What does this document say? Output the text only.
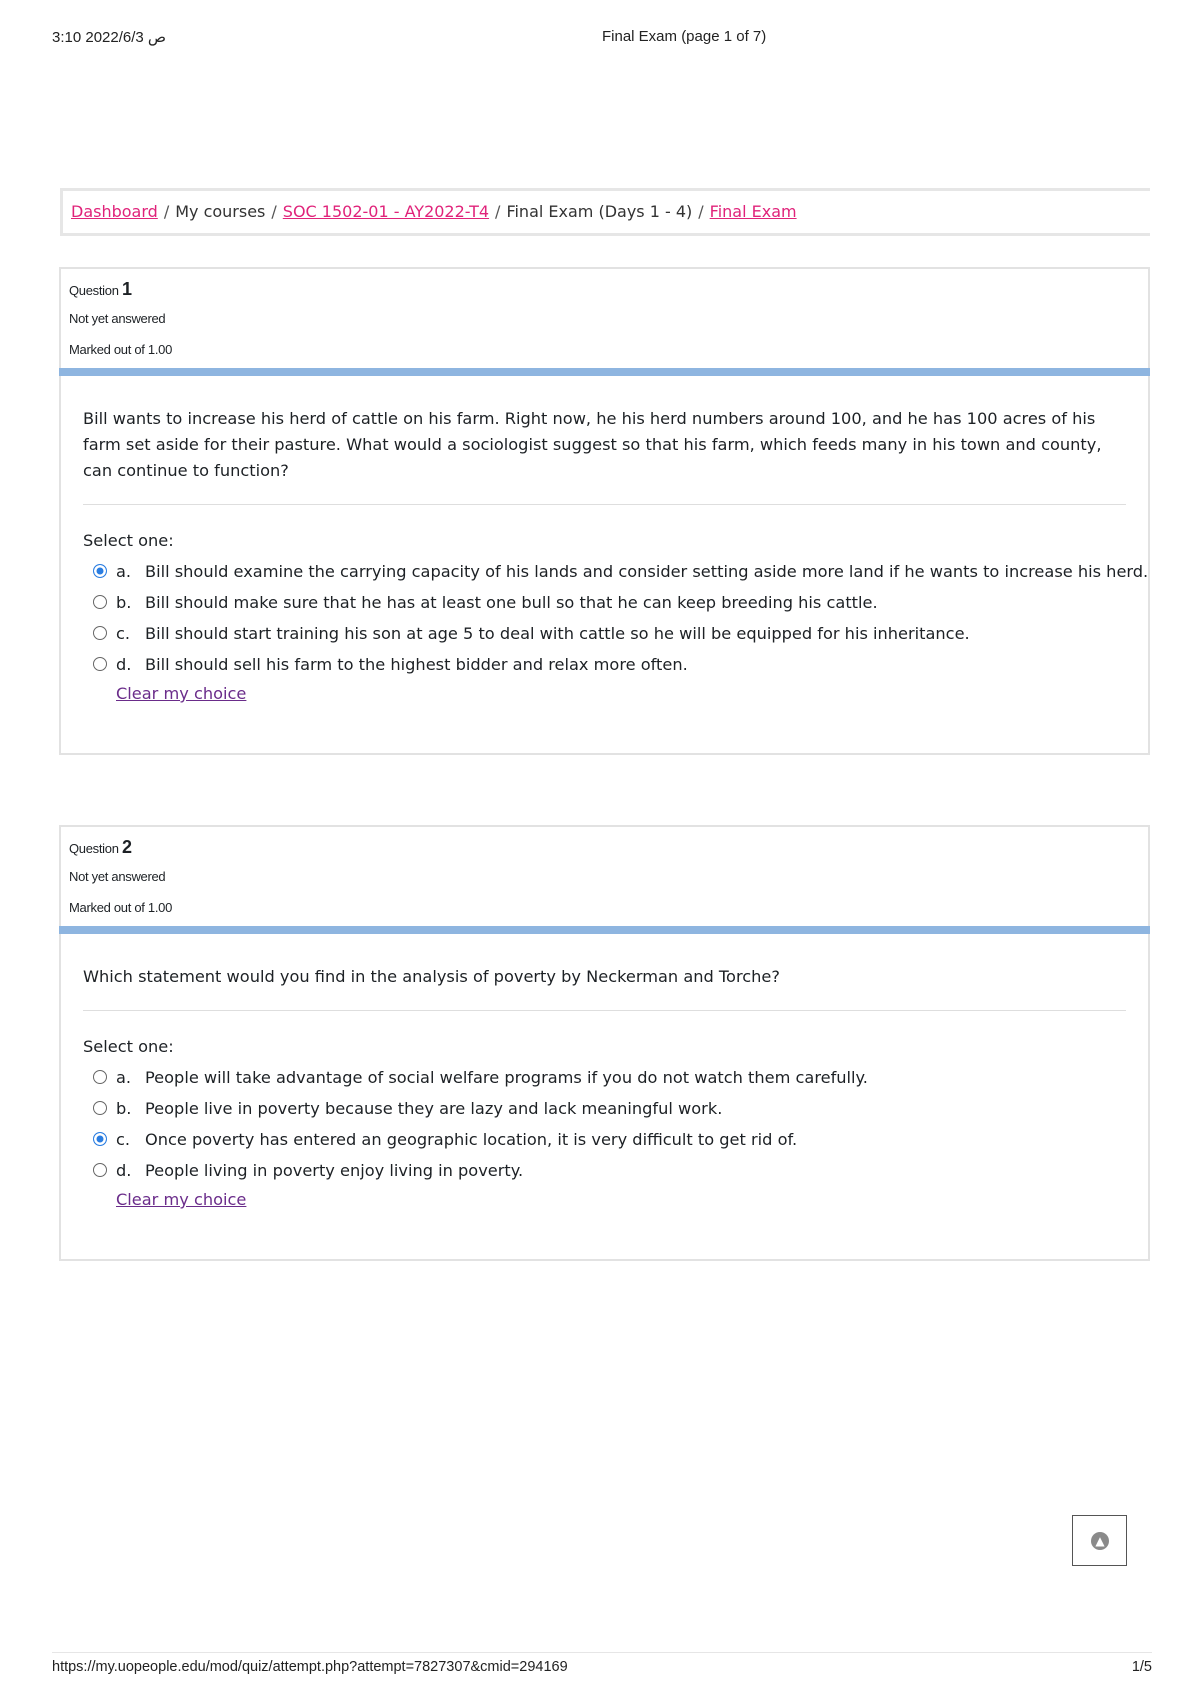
3:10 ص 2022/6/3	Final Exam (page 1 of 7)
Dashboard / My courses / SOC 1502-01 - AY2022-T4 / Final Exam (Days 1 - 4) / Final Exam
Question 1
Not yet answered
Marked out of 1.00
Bill wants to increase his herd of cattle on his farm. Right now, he his herd numbers around 100, and he has 100 acres of his farm set aside for their pasture. What would a sociologist suggest so that his farm, which feeds many in his town and county, can continue to function?
Select one:
a. Bill should examine the carrying capacity of his lands and consider setting aside more land if he wants to increase his herd.
b. Bill should make sure that he has at least one bull so that he can keep breeding his cattle.
c. Bill should start training his son at age 5 to deal with cattle so he will be equipped for his inheritance.
d. Bill should sell his farm to the highest bidder and relax more often.
Clear my choice
Question 2
Not yet answered
Marked out of 1.00
Which statement would you find in the analysis of poverty by Neckerman and Torche?
Select one:
a. People will take advantage of social welfare programs if you do not watch them carefully.
b. People live in poverty because they are lazy and lack meaningful work.
c. Once poverty has entered an geographic location, it is very difficult to get rid of.
d. People living in poverty enjoy living in poverty.
Clear my choice
▲
https://my.uopeople.edu/mod/quiz/attempt.php?attempt=7827307&cmid=294169	1/5
